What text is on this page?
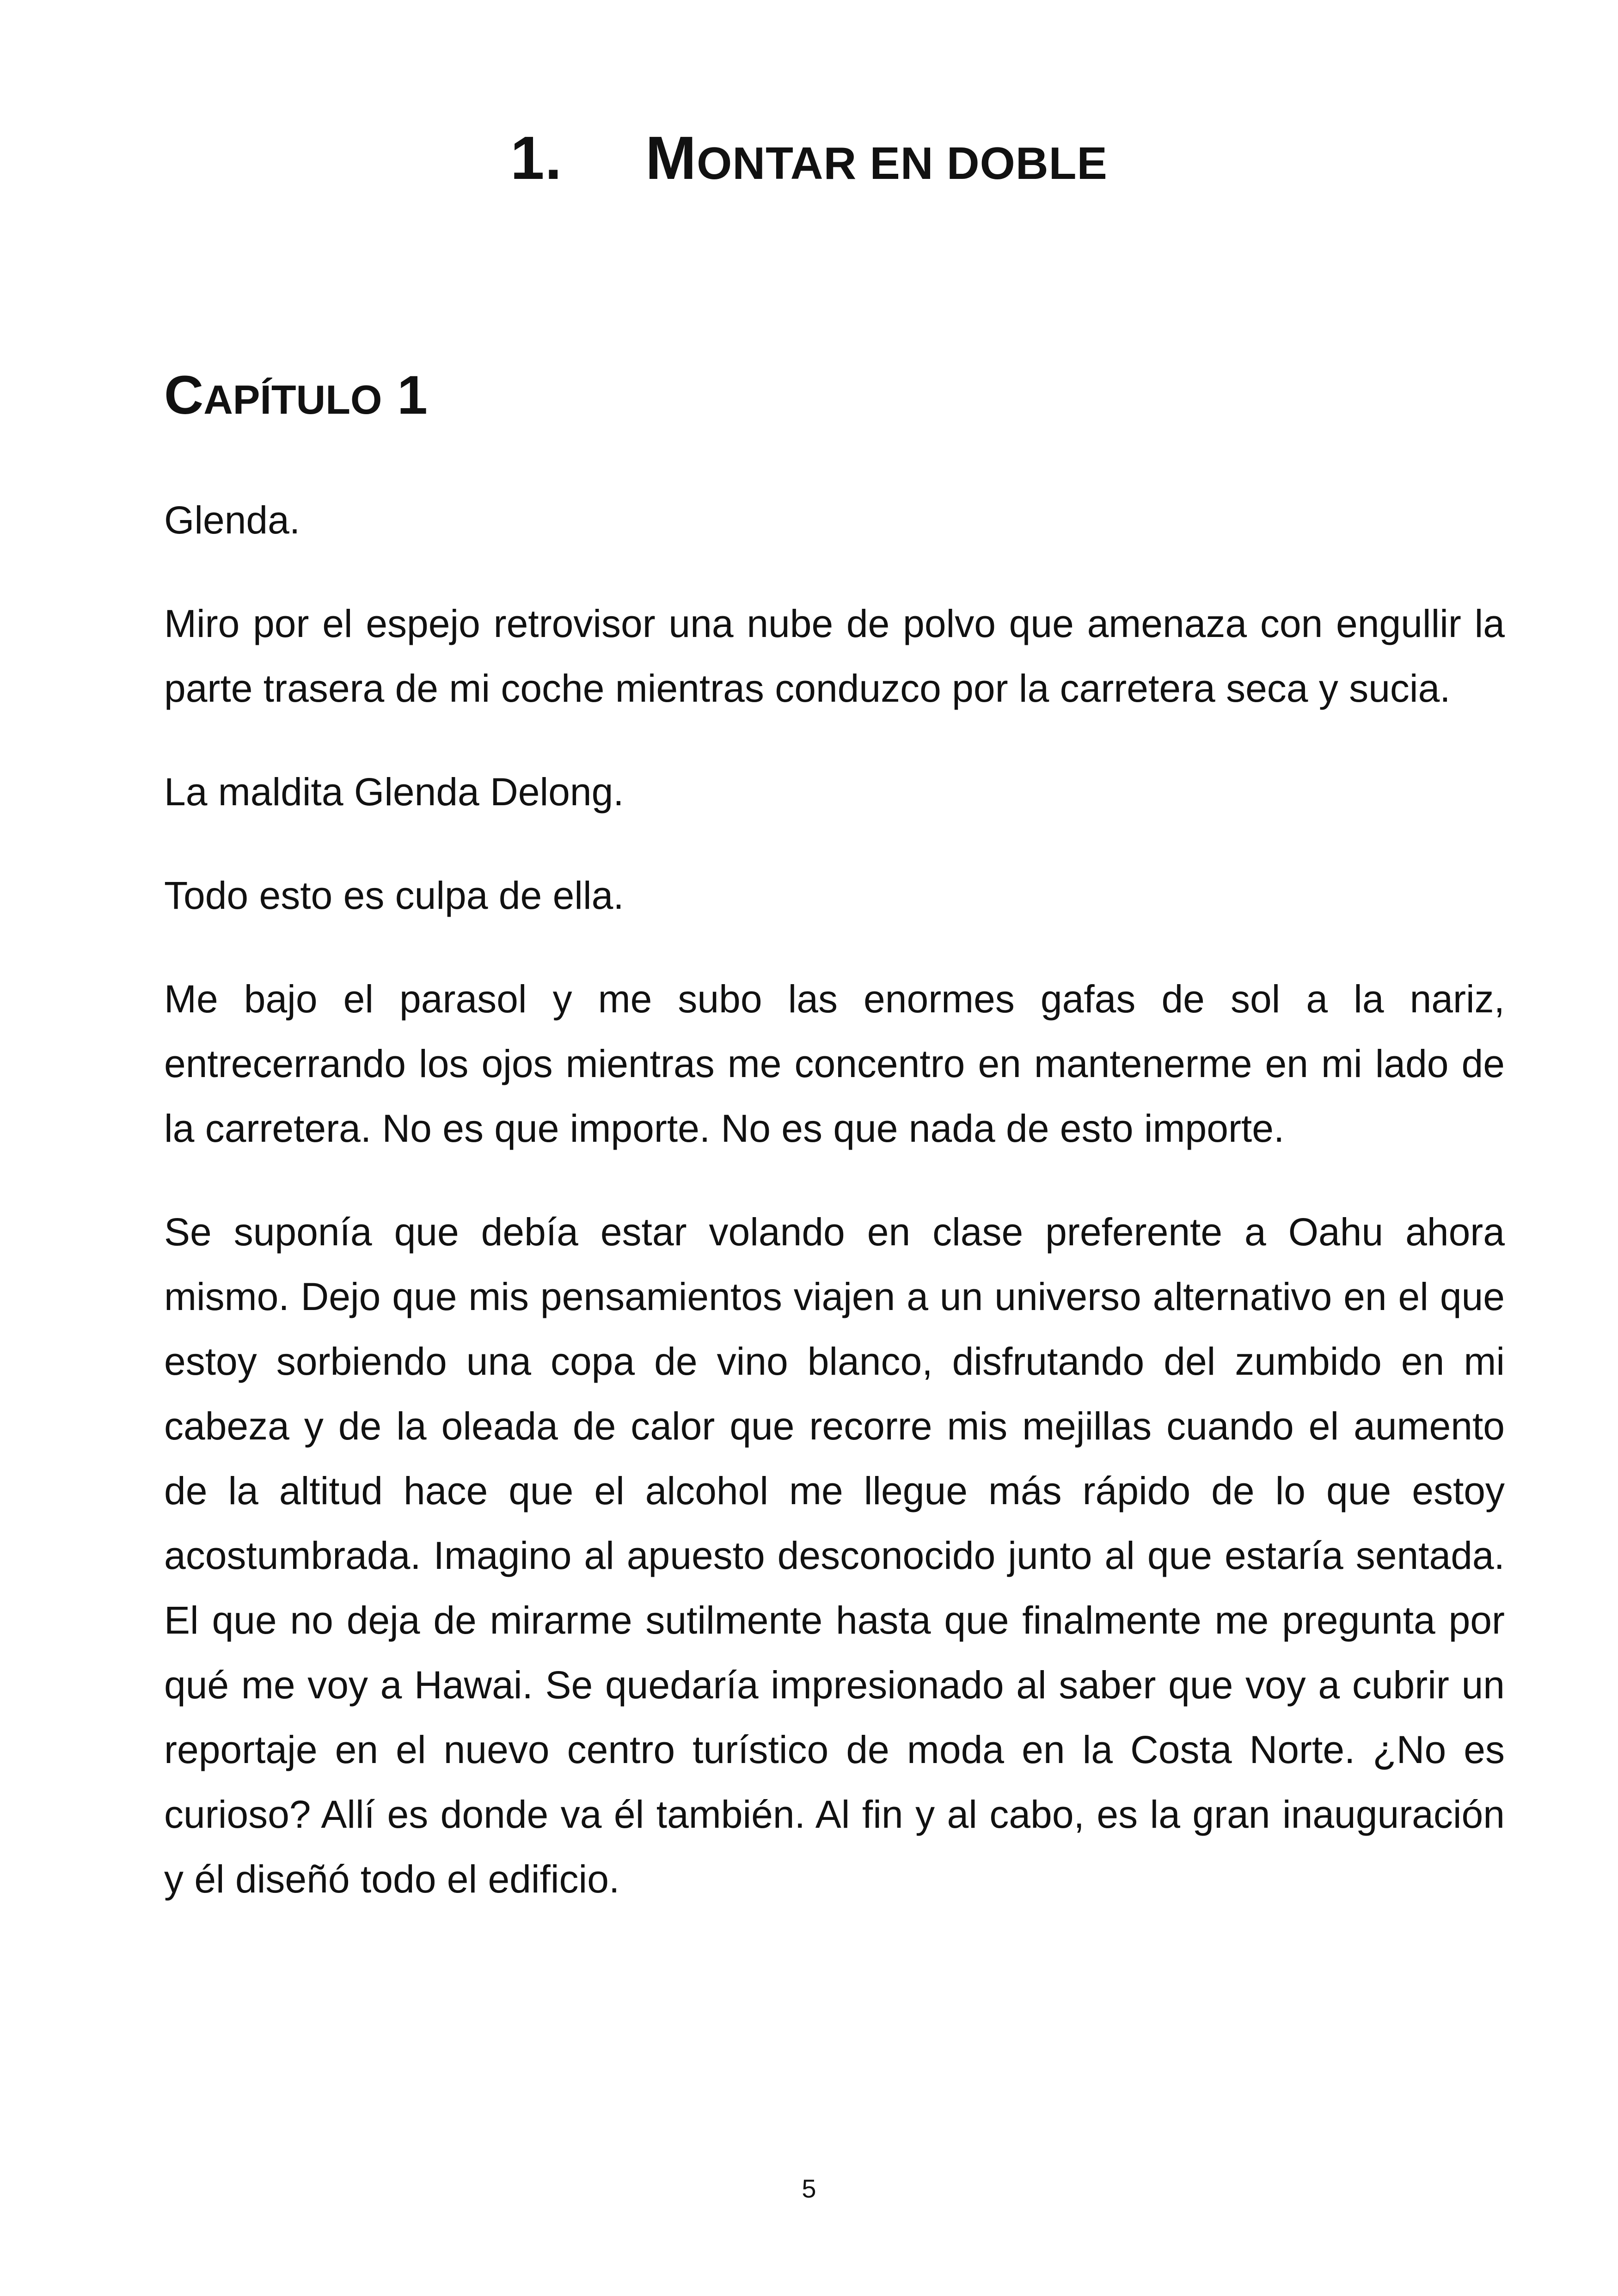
1. MONTAR EN DOBLE
CAPÍTULO 1

Glenda.

Miro por el espejo retrovisor una nube de polvo que amenaza con engullir la parte trasera de mi coche mientras conduzco por la carretera seca y sucia.

La maldita Glenda Delong.

Todo esto es culpa de ella.

Me bajo el parasol y me subo las enormes gafas de sol a la nariz, entrecerrando los ojos mientras me concentro en mantenerme en mi lado de la carretera. No es que importe. No es que nada de esto importe.

Se suponía que debía estar volando en clase preferente a Oahu ahora mismo. Dejo que mis pensamientos viajen a un universo alternativo en el que estoy sorbiendo una copa de vino blanco, disfrutando del zumbido en mi cabeza y de la oleada de calor que recorre mis mejillas cuando el aumento de la altitud hace que el alcohol me llegue más rápido de lo que estoy acostumbrada. Imagino al apuesto desconocido junto al que estaría sentada. El que no deja de mirarme sutilmente hasta que finalmente me pregunta por qué me voy a Hawai. Se quedaría impresionado al saber que voy a cubrir un reportaje en el nuevo centro turístico de moda en la Costa Norte. ¿No es curioso? Allí es donde va él también. Al fin y al cabo, es la gran inauguración y él diseñó todo el edificio.

5
